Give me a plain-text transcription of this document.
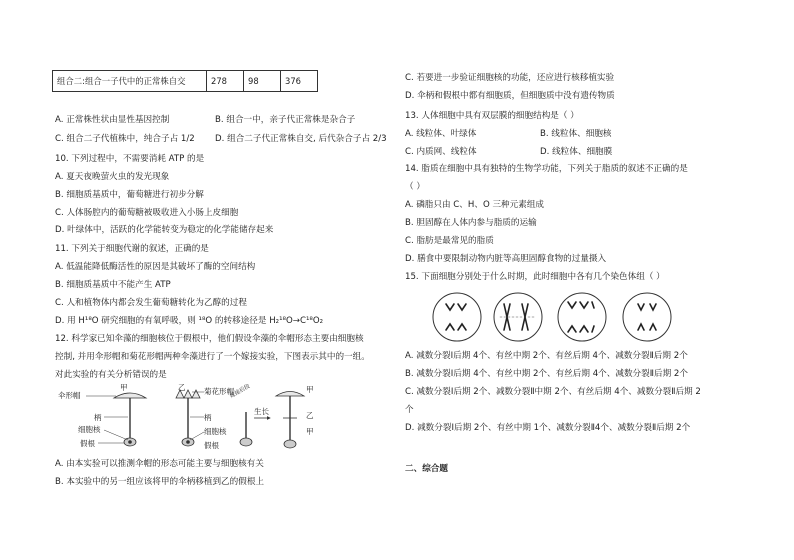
组合二:组合一子代中的正常株自交	278	98	376
A. 正常株性状由显性基因控制	B. 组合一中，亲子代正常株是杂合子
C. 组合二子代植株中，纯合子占 1/2 D. 组合二子代正常株自交, 后代杂合子占 2/3
10. 下列过程中，不需要消耗 ATP 的是
A. 夏天夜晚萤火虫的发光现象
B. 细胞质基质中，葡萄糖进行初步分解
C. 人体肠腔内的葡萄糖被吸收进入小肠上皮细胞
D. 叶绿体中，活跃的化学能转变为稳定的化学能储存起来
11. 下列关于细胞代谢的叙述，正确的是
A. 低温能降低酶活性的原因是其破坏了酶的空间结构
B. 细胞质基质中不能产生 ATP
C. 人和植物体内都会发生葡萄糖转化为乙醇的过程
D. 用 H¹⁸O 研究细胞的有氧呼吸，则 ¹⁸O 的转移途径是 H₂¹⁸O→C¹⁸O₂
12. 科学家已知伞藻的细胞核位于假根中，他们假设伞藻的伞帽形态主要由细胞核
控制, 并用伞形帽和菊花形帽两种伞藻进行了一个嫁接实验，下图表示其中的一组。
对此实验的有关分析错误的是
甲
伞形帽
柄
细胞核
假根
乙 菊花形帽
柄
细胞核
假根
嫁接后段	甲
乙
甲
生长
A. 由本实验可以推测伞帽的形态可能主要与细胞核有关
B. 本实验中的另一组应该将甲的伞柄移植到乙的假根上
C. 若要进一步验证细胞核的功能，还应进行核移植实验
D. 伞柄和假根中都有细胞质，但细胞质中没有遗传物质
13. 人体细胞中具有双层膜的细胞结构是（ ）
A. 线粒体、叶绿体	B. 线粒体、细胞核
C. 内质网、线粒体	D. 线粒体、细胞膜
14. 脂质在细胞中具有独特的生物学功能，下列关于脂质的叙述不正确的是
（ ）
A. 磷脂只由 C、H、O 三种元素组成
B. 胆固醇在人体内参与脂质的运输
C. 脂肪是最常见的脂质
D. 膳食中要限制动物内脏等高胆固醇食物的过量摄入
15. 下面细胞分别处于什么时期，此时细胞中各有几个染色体组（ ）
A. 减数分裂Ⅰ后期 4个、有丝中期 2个、有丝后期 4个、减数分裂Ⅱ后期 2个
B. 减数分裂Ⅰ后期 4个、有丝中期 2个、有丝后期 4个、减数分裂Ⅱ后期 2个
C. 减数分裂Ⅰ后期 2个、减数分裂Ⅱ中期 2个、有丝后期 4个、减数分裂Ⅱ后期 2
个
D. 减数分裂Ⅰ后期 2个、有丝中期 1个、减数分裂Ⅱ4个、减数分裂Ⅱ后期 2个
二、综合题
